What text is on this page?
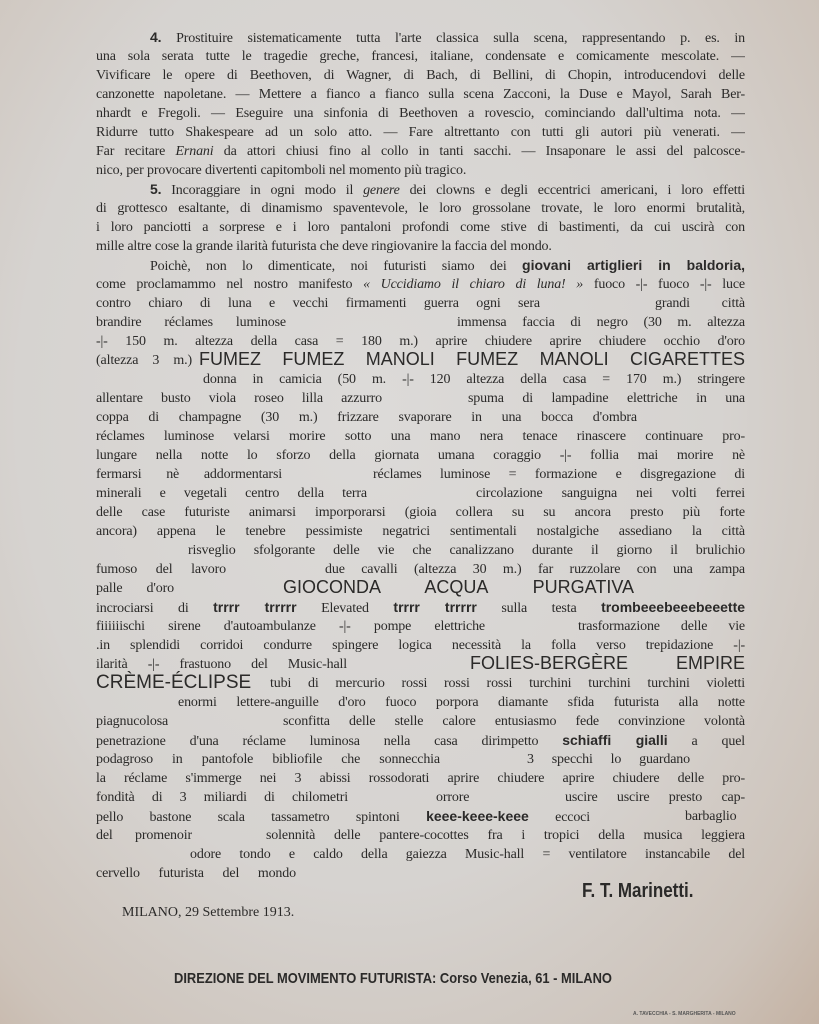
4. Prostituire sistematicamente tutta l'arte classica sulla scena, rappresentando p. es. in
una sola serata tutte le tragedie greche, francesi, italiane, condensate e comicamente mescolate. —
Vivificare le opere di Beethoven, di Wagner, di Bach, di Bellini, di Chopin, introducendovi delle
canzonette napoletane. — Mettere a fianco a fianco sulla scena Zacconi, la Duse e Mayol, Sarah Ber-
nhardt e Fregoli. — Eseguire una sinfonia di Beethoven a rovescio, cominciando dall'ultima nota. —
Ridurre tutto Shakespeare ad un solo atto. — Fare altrettanto con tutti gli autori più venerati. —
Far recitare Ernani da attori chiusi fino al collo in tanti sacchi. — Insaponare le assi del palcosce-
nico, per provocare divertenti capitomboli nel momento più tragico.
5. Incoraggiare in ogni modo il genere dei clowns e degli eccentrici americani, i loro effetti
di grottesco esaltante, di dinamismo spaventevole, le loro grossolane trovate, le loro enormi brutalità,
i loro panciotti a sorprese e i loro pantaloni profondi come stive di bastimenti, da cui uscirà con
mille altre cose la grande ilarità futurista che deve ringiovanire la faccia del mondo.
Poichè, non lo dimenticate, noi futuristi siamo dei giovani artiglieri in baldoria,
come proclamammo nel nostro manifesto « Uccidiamo il chiaro di luna! » fuoco -|- fuoco -|- luce
contro chiaro di luna e vecchi firmamenti guerra ogni sera	grandi città
brandire réclames luminose	immensa faccia di negro (30 m. altezza
-|- 150 m. altezza della casa = 180 m.) aprire chiudere aprire chiudere occhio d'oro
(altezza 3 m.) FUMEZ FUMEZ MANOLI FUMEZ MANOLI CIGARETTES
donna in camicia (50 m. -|- 120 altezza della casa = 170 m.) stringere
allentare busto viola roseo lilla azzurro	spuma di lampadine elettriche in una
coppa di champagne (30 m.) frizzare svaporare in una bocca d'ombra
réclames luminose velarsi morire sotto una mano nera tenace rinascere continuare pro-
lungare nella notte lo sforzo della giornata umana coraggio -|- follia mai morire nè
fermarsi nè addormentarsi	réclames luminose = formazione e disgregazione di
minerali e vegetali centro della terra	circolazione sanguigna nei volti ferrei
delle case futuriste animarsi imporporarsi (gioia collera su su ancora presto più forte
ancora) appena le tenebre pessimiste negatrici sentimentali nostalgiche assediano la città
risveglio sfolgorante delle vie che canalizzano durante il giorno il brulichio
fumoso del lavoro	due cavalli (altezza 30 m.) far ruzzolare con una zampa
palle d'oro	GIOCONDA ACQUA PURGATIVA
incrociarsi di trrrr trrrrr Elevated trrrr trrrrr sulla testa trombeeebeeebeeette
fiiiiiischi sirene d'autoambulanze -|- pompe elettriche	trasformazione delle vie
.in splendidi corridoi condurre spingere logica necessità la folla verso trepidazione -|-
ilarità -|- frastuono del Music-hall	FOLIES-BERGÈRE EMPIRE
CRÈME-ÉCLIPSE	tubi di mercurio rossi rossi rossi turchini turchini turchini violetti
enormi lettere-anguille d'oro fuoco porpora diamante sfida futurista alla notte
piagnucolosa	sconfitta delle stelle calore entusiasmo fede convinzione volontà
penetrazione d'una réclame luminosa nella casa dirimpetto schiaffi gialli a quel
podagroso in pantofole bibliofile che sonnecchia	3 specchi lo guardano
la réclame s'immerge nei 3 abissi rossodorati aprire chiudere aprire chiudere delle pro-
fondità di 3 miliardi di chilometri	orrore	uscire uscire presto cap-
pello bastone scala tassametro spintoni keee-keee-keee eccoci	barbaglio
del promenoir	solennità delle pantere-cocottes fra i tropici della musica leggiera
odore tondo e caldo della gaiezza Music-hall = ventilatore instancabile del
cervello futurista del mondo
F. T. Marinetti.
MILANO, 29 Settembre 1913.
DIREZIONE DEL MOVIMENTO FUTURISTA: Corso Venezia, 61 - MILANO
A. TAVECCHIA - S. MARGHERITA - MILANO
